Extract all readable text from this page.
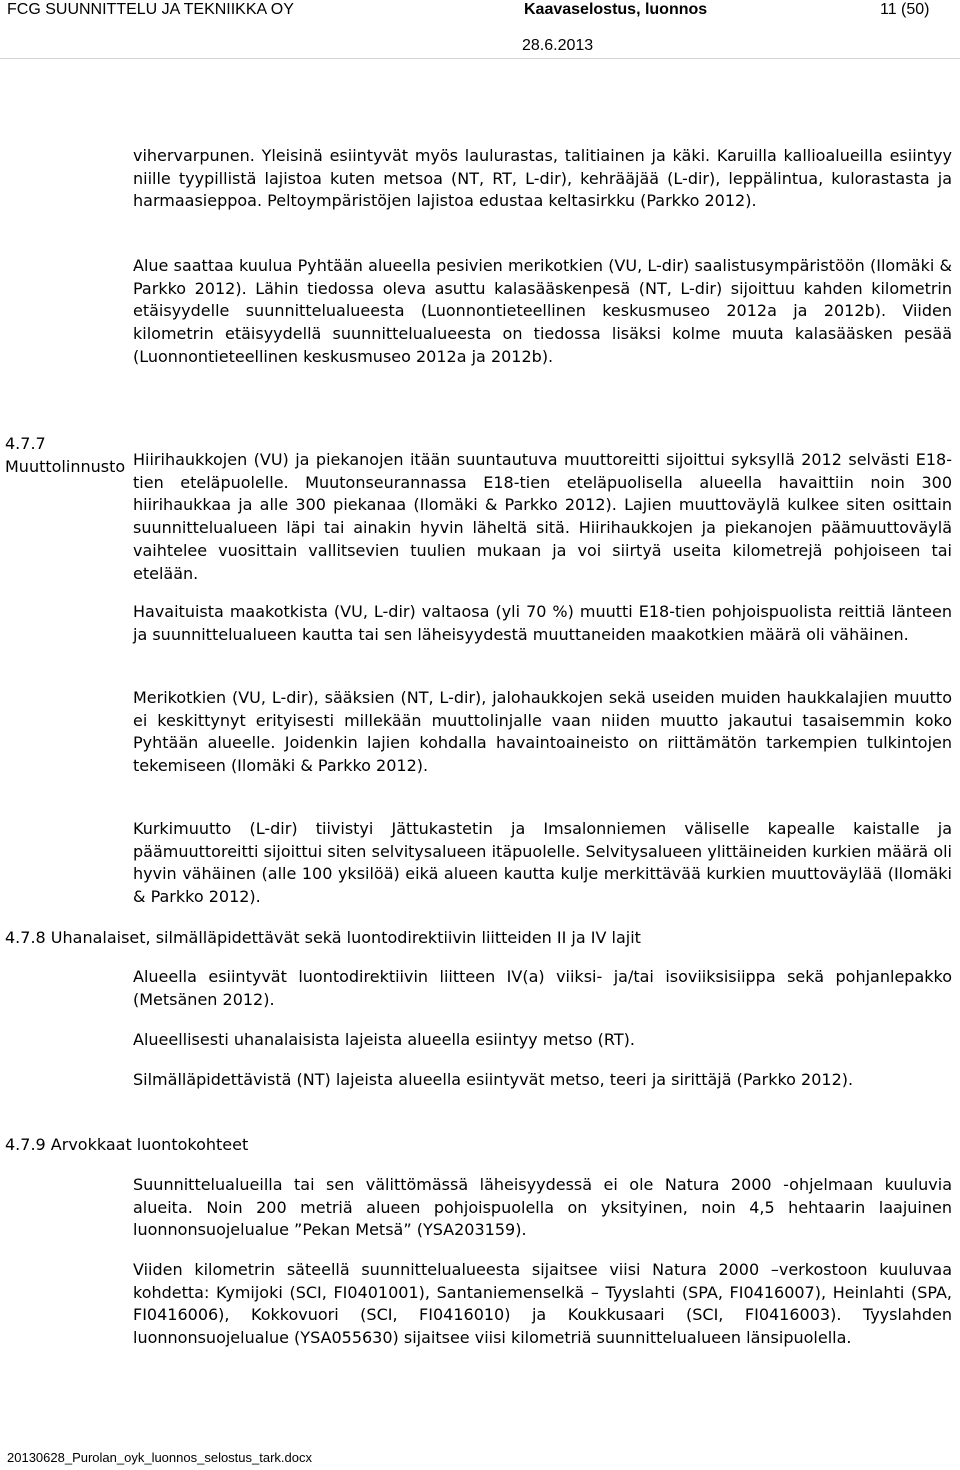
FCG SUUNNITTELU JA TEKNIIKKA OY	Kaavaselostus, luonnos	11 (50)
28.6.2013

vihervarpunen. Yleisinä esiintyvät myös laulurastas, talitiainen ja käki. Karuilla kallioalueilla esiintyy niille tyypillistä lajistoa kuten metsoa (NT, RT, L-dir), kehrääjää (L-dir), leppälintua, kulorastasta ja harmaasieppoa. Peltoympäristöjen lajistoa edustaa keltasirkku (Parkko 2012).

Alue saattaa kuulua Pyhtään alueella pesivien merikotkien (VU, L-dir) saalistusympäristöön (Ilomäki & Parkko 2012). Lähin tiedossa oleva asuttu kalasääskenpesä (NT, L-dir) sijoittuu kahden kilometrin etäisyydelle suunnittelualueesta (Luonnontieteellinen keskusmuseo 2012a ja 2012b). Viiden kilometrin etäisyydellä suunnittelualueesta on tiedossa lisäksi kolme muuta kalasääsken pesää (Luonnontieteellinen keskusmuseo 2012a ja 2012b).

4.7.7 Muuttolinnusto Hiirihaukkojen (VU) ja piekanojen itään suuntautuva muuttoreitti sijoittui syksyllä 2012 selvästi E18-tien eteläpuolelle. Muutonseurannassa E18-tien eteläpuolisella alueella havaittiin noin 300 hiirihaukkaa ja alle 300 piekanaa (Ilomäki & Parkko 2012). Lajien muuttoväylä kulkee siten osittain suunnittelualueen läpi tai ainakin hyvin läheltä sitä. Hiirihaukkojen ja piekanojen päämuuttoväylä vaihtelee vuosittain vallitsevien tuulien mukaan ja voi siirtyä useita kilometrejä pohjoiseen tai etelään.

Havaituista maakotkista (VU, L-dir) valtaosa (yli 70 %) muutti E18-tien pohjoispuolista reittiä länteen ja suunnittelualueen kautta tai sen läheisyydestä muuttaneiden maakotkien määrä oli vähäinen.

Merikotkien (VU, L-dir), sääksien (NT, L-dir), jalohaukkojen sekä useiden muiden haukkalajien muutto ei keskittynyt erityisesti millekään muuttolinjalle vaan niiden muutto jakautui tasaisemmin koko Pyhtään alueelle. Joidenkin lajien kohdalla havaintoaineisto on riittämätön tarkempien tulkintojen tekemiseen (Ilomäki & Parkko 2012).

Kurkimuutto (L-dir) tiivistyi Jättukastetin ja Imsalonniemen väliselle kapealle kaistalle ja päämuuttoreitti sijoittui siten selvitysalueen itäpuolelle. Selvitysalueen ylittäineiden kurkien määrä oli hyvin vähäinen (alle 100 yksilöä) eikä alueen kautta kulje merkittävää kurkien muuttoväylää (Ilomäki & Parkko 2012).

4.7.8 Uhanalaiset, silmälläpidettävät sekä luontodirektiivin liitteiden II ja IV lajit

Alueella esiintyvät luontodirektiivin liitteen IV(a) viiksi- ja/tai isoviiksisiippa sekä pohjanlepakko (Metsänen 2012).

Alueellisesti uhanalaisista lajeista alueella esiintyy metso (RT).

Silmälläpidettävistä (NT) lajeista alueella esiintyvät metso, teeri ja sirittäjä (Parkko 2012).

4.7.9 Arvokkaat luontokohteet

Suunnittelualueilla tai sen välittömässä läheisyydessä ei ole Natura 2000 -ohjelmaan kuuluvia alueita. Noin 200 metriä alueen pohjoispuolella on yksityinen, noin 4,5 hehtaarin laajuinen luonnonsuojelualue ”Pekan Metsä” (YSA203159).

Viiden kilometrin säteellä suunnittelualueesta sijaitsee viisi Natura 2000 –verkostoon kuuluvaa kohdetta: Kymijoki (SCI, FI0401001), Santaniemenselkä – Tyyslahti (SPA, FI0416007), Heinlahti (SPA, FI0416006), Kokkovuori (SCI, FI0416010) ja Koukkusaari (SCI, FI0416003). Tyyslahden luonnonsuojelualue (YSA055630) sijaitsee viisi kilometriä suunnittelualueen länsipuolella.

20130628_Purolan_oyk_luonnos_selostus_tark.docx
